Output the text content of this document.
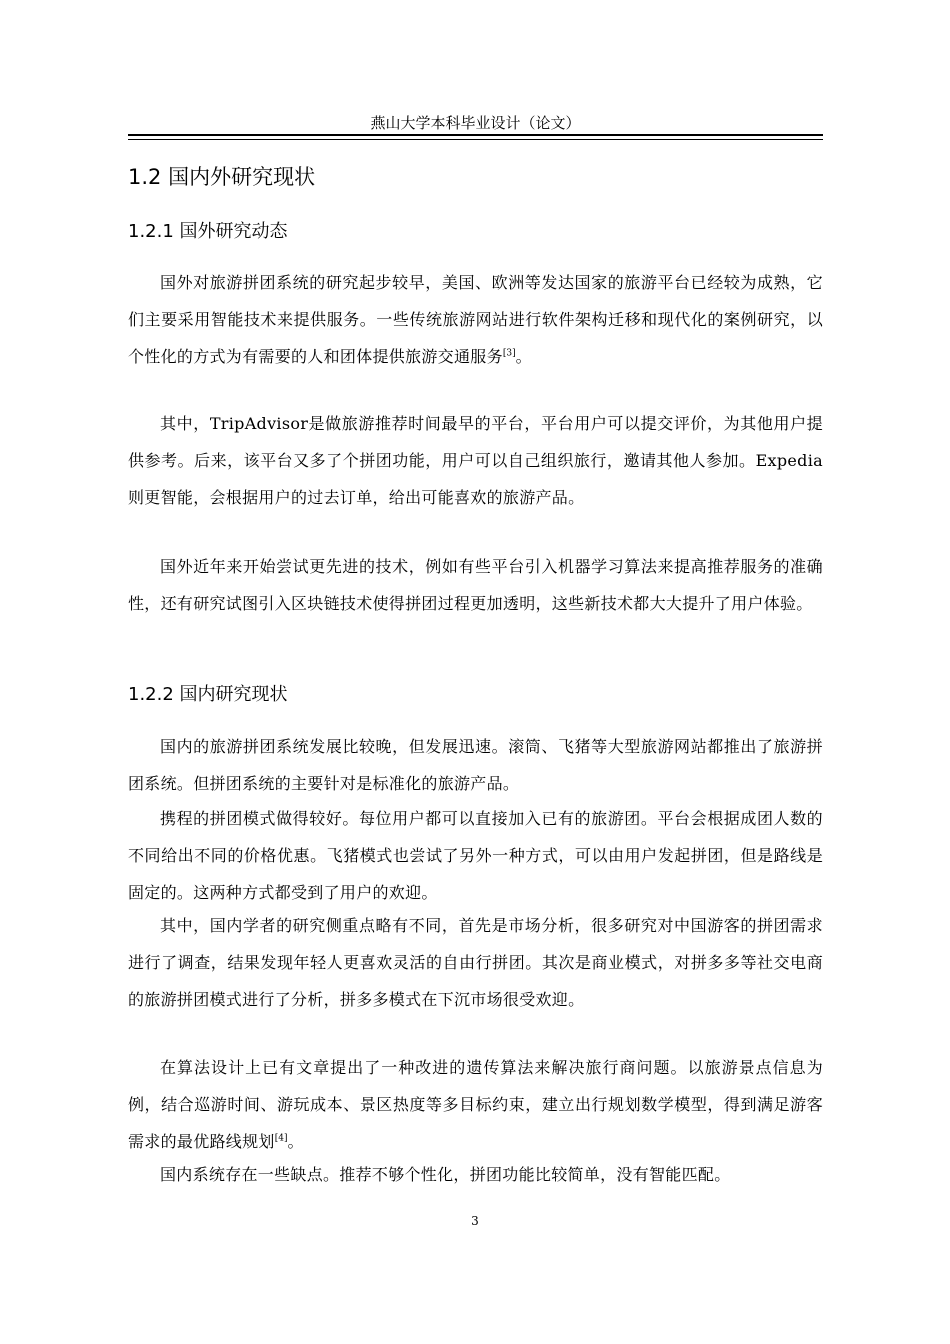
燕山大学本科毕业设计（论文）
1.2 国内外研究现状
1.2.1 国外研究动态

国外对旅游拼团系统的研究起步较早，美国、欧洲等发达国家的旅游平台已经较为成熟，它们主要采用智能技术来提供服务。一些传统旅游网站进行软件架构迁移和现代化的案例研究，以个性化的方式为有需要的人和团体提供旅游交通服务[3]。

其中，TripAdvisor是做旅游推荐时间最早的平台，平台用户可以提交评价，为其他用户提供参考。后来，该平台又多了个拼团功能，用户可以自己组织旅行，邀请其他人参加。Expedia则更智能，会根据用户的过去订单，给出可能喜欢的旅游产品。

国外近年来开始尝试更先进的技术，例如有些平台引入机器学习算法来提高推荐服务的准确性，还有研究试图引入区块链技术使得拼团过程更加透明，这些新技术都大大提升了用户体验。

1.2.2 国内研究现状

国内的旅游拼团系统发展比较晚，但发展迅速。滚筒、飞猪等大型旅游网站都推出了旅游拼团系统。但拼团系统的主要针对是标准化的旅游产品。

携程的拼团模式做得较好。每位用户都可以直接加入已有的旅游团。平台会根据成团人数的不同给出不同的价格优惠。飞猪模式也尝试了另外一种方式，可以由用户发起拼团，但是路线是固定的。这两种方式都受到了用户的欢迎。

其中，国内学者的研究侧重点略有不同，首先是市场分析，很多研究对中国游客的拼团需求进行了调查，结果发现年轻人更喜欢灵活的自由行拼团。其次是商业模式，对拼多多等社交电商的旅游拼团模式进行了分析，拼多多模式在下沉市场很受欢迎。

在算法设计上已有文章提出了一种改进的遗传算法来解决旅行商问题。以旅游景点信息为例，结合巡游时间、游玩成本、景区热度等多目标约束，建立出行规划数学模型，得到满足游客需求的最优路线规划[4]。

国内系统存在一些缺点。推荐不够个性化，拼团功能比较简单，没有智能匹配。

3
